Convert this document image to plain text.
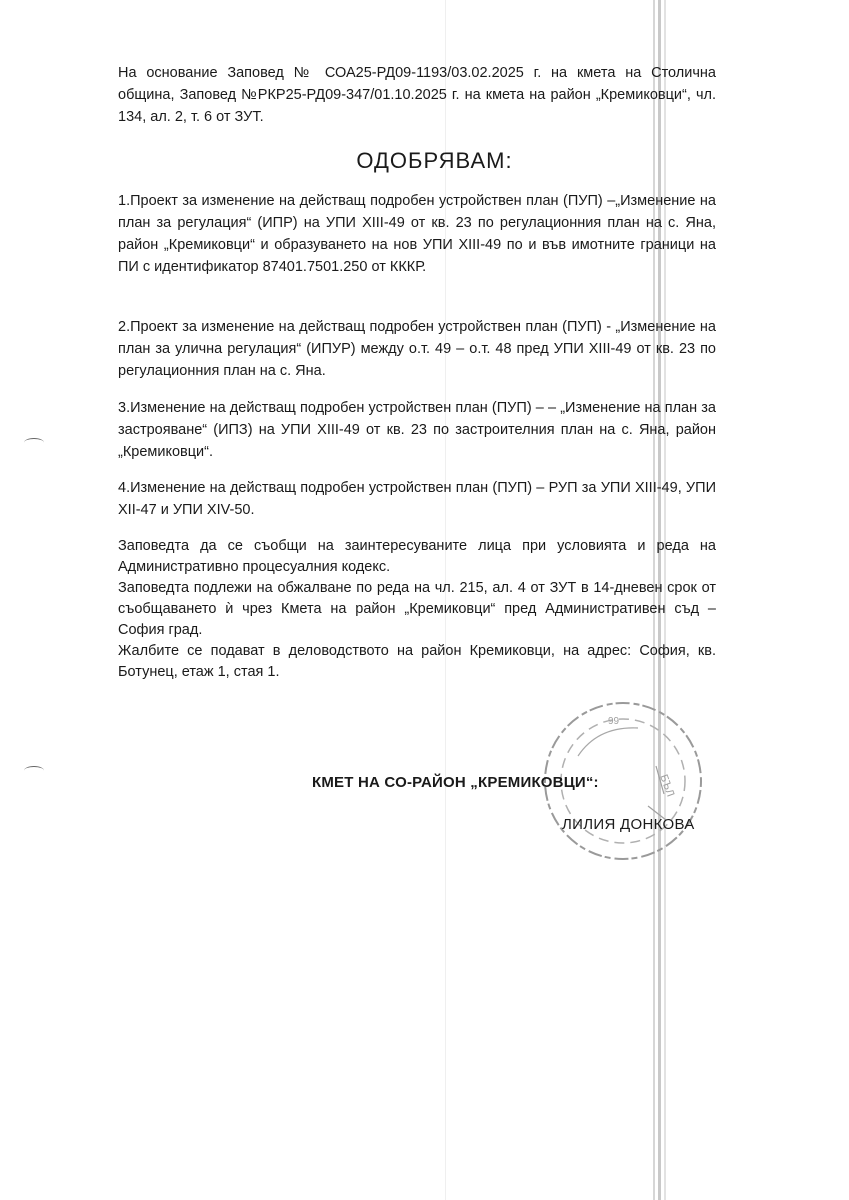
На основание Заповед № СОА25-РД09-1193/03.02.2025 г. на кмета на Столична община, Заповед №РКР25-РД09-347/01.10.2025 г. на кмета на район „Кремиковци“, чл. 134, ал. 2, т. 6 от ЗУТ.
ОДОБРЯВАМ:
1.Проект за изменение на действащ подробен устройствен план (ПУП) –„Изменение на план за регулация“ (ИПР) на УПИ XIII-49 от кв. 23 по регулационния план на с. Яна, район „Кремиковци“ и образуването на нов УПИ XIII-49 по и във имотните граници на ПИ с идентификатор 87401.7501.250 от КККР.
2.Проект за изменение на действащ подробен устройствен план (ПУП) - „Изменение на план за улична регулация“ (ИПУР) между о.т. 49 – о.т. 48 пред УПИ XIII-49 от кв. 23 по регулационния план на с. Яна.
3.Изменение на действащ подробен устройствен план (ПУП) – – „Изменение на план за застрояване“ (ИПЗ) на УПИ XIII-49 от кв. 23 по застроителния план на с. Яна, район „Кремиковци“.
4.Изменение на действащ подробен устройствен план (ПУП) – РУП за УПИ XIII-49, УПИ XII-47 и УПИ XIV-50.

Заповедта да се съобщи на заинтересуваните лица при условията и реда на Административно процесуалния кодекс.

Заповедта подлежи на обжалване по реда на чл. 215, ал. 4 от ЗУТ в 14-дневен срок от съобщаването ѝ чрез Кмета на район „Кремиковци“ пред Административен съд – София град.

Жалбите се подават в деловодството на район Кремиковци, на адрес: София, кв. Ботунец, етаж 1, стая 1.

99
БЪЛ
КМЕТ НА СО-РАЙОН „КРЕМИКОВЦИ“:
ЛИЛИЯ ДОНКОВА
